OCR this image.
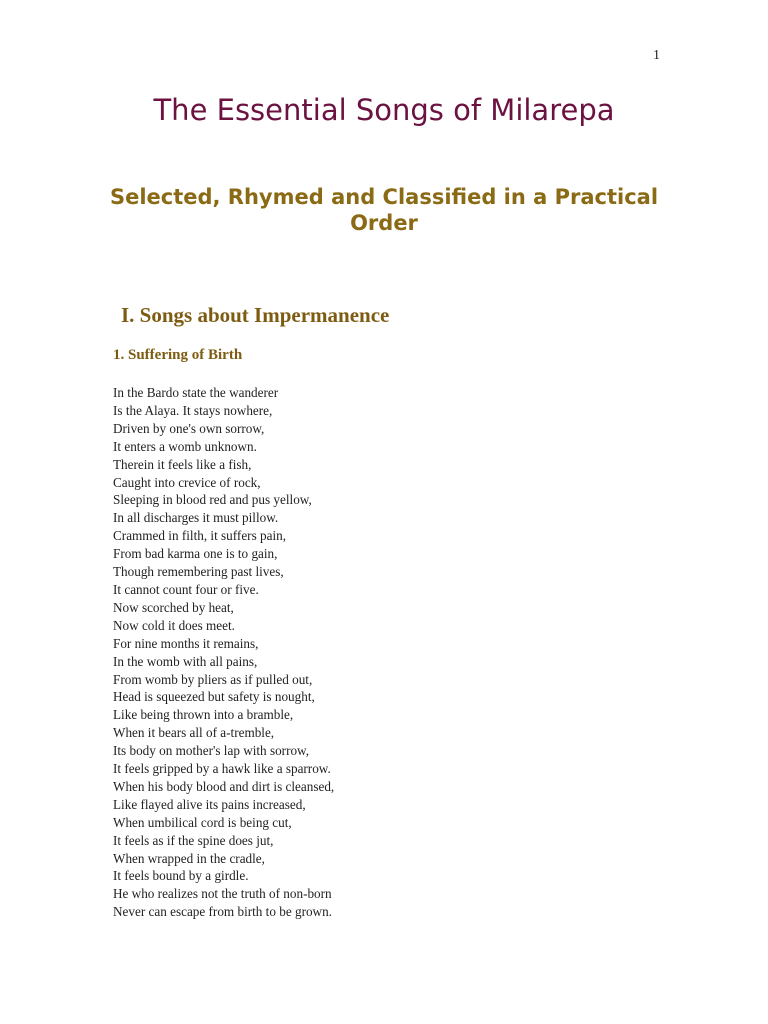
1
The Essential Songs of Milarepa
Selected, Rhymed and Classified in a Practical Order
I. Songs about Impermanence
1. Suffering of Birth
In the Bardo state the wanderer
Is the Alaya. It stays nowhere,
Driven by one's own sorrow,
It enters a womb unknown.
Therein it feels like a fish,
Caught into crevice of rock,
Sleeping in blood red and pus yellow,
In all discharges it must pillow.
Crammed in filth, it suffers pain,
From bad karma one is to gain,
Though remembering past lives,
It cannot count four or five.
Now scorched by heat,
Now cold it does meet.
For nine months it remains,
In the womb with all pains,
From womb by pliers as if pulled out,
Head is squeezed but safety is nought,
Like being thrown into a bramble,
When it bears all of a-tremble,
Its body on mother's lap with sorrow,
It feels gripped by a hawk like a sparrow.
When his body blood and dirt is cleansed,
Like flayed alive its pains increased,
When umbilical cord is being cut,
It feels as if the spine does jut,
When wrapped in the cradle,
It feels bound by a girdle.
He who realizes not the truth of non-born
Never can escape from birth to be grown.
